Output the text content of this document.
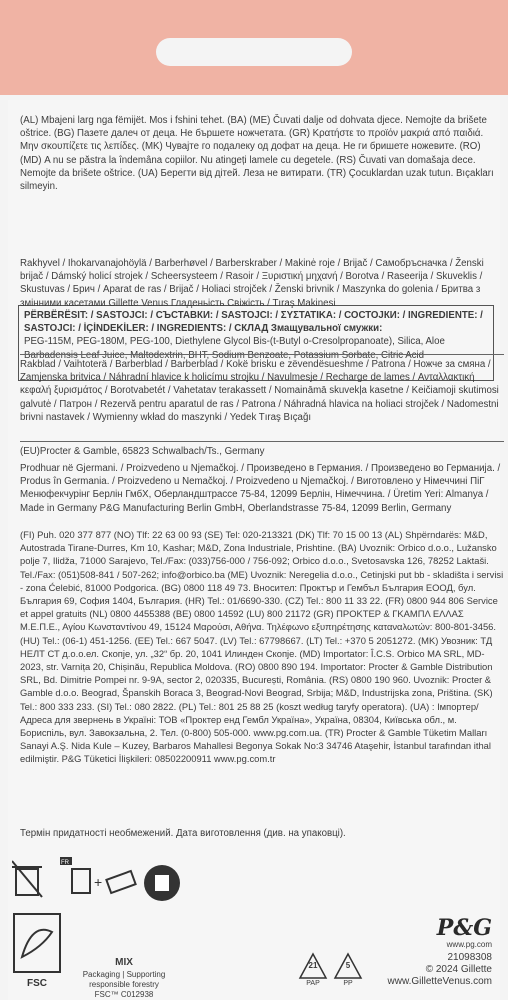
(AL) Mbajeni larg nga fëmijët. Mos i fshini tehet. (BA) (ME) Čuvati dalje od dohvata djece. Nemojte da brišete oštrice. (BG) Пазете далеч от деца. Не бършете ножчетата. (GR) Κρατήστε το προϊόν μακριά από παιδιά. Μην σκουπίζετε τις λεπίδες. (MK) Чувајте го подалеку од дофат на деца. Не ги бришете ножевите. (RO) (MD) A nu se păstra la îndemâna copiilor. Nu atingeți lamele cu degetele. (RS) Čuvati van domašaja dece. Nemojte da brišete oštrice. (UA) Берегти від дітей. Леза не витирати. (TR) Çocuklardan uzak tutun. Bıçakları silmeyin.

PËRBËRËSIT: / SASTOJCI: / СЪСТАВКИ: / SASTOJCI: / ΣΥΣΤΑΤΙΚΑ: / СОСТОЈКИ: / INGREDIENTE: / SASTOJCI: / İÇİNDEKİLER: / INGREDIENTS: / СКЛАД Змащувальної смужки:
PEG-115M, PEG-180M, PEG-100, Diethylene Glycol Bis-(t-Butyl o-Cresolpropanoate), Silica, Aloe Barbadensis Leaf Juice, Maltodextrin, BHT, Sodium Benzoate, Potassium Sorbate, Citric Acid

Rakhyvel / Ihokarvanajohöylä / Barberhøvel / Barberskraber / Makinė roje / Brijač / Самобръсначка / Ženski brijač / Dámský holicí strojek / Scheersysteem / Rasoir / Ξυριστική μηχανή / Borotva / Raseerija / Skuveklis / Skustuvas / Брич / Aparat de ras / Brijač / Holiaci strojček / Ženski brivnik / Maszynka do golenia / Бритва з змінними касетами Gillette Venus Гладеньість Свіжість / Tıraş Makinesi

Rakblad / Vaihtoterä / Barberblad / Barberblad / Kokë brisku e zëvendësueshme / Patrona / Ножче за смяна / Zamjenska britvica / Náhradní hlavice k holicímu strojku / Navulmesje / Recharge de lames / Ανταλλακτική κεφαλή ξυρισμάτος / Borotvabetét / Vahetatav terakassett / Nomaināmā skuvekļa kasetne / Keičiamoji skutimosi galvutė / Патрон / Rezervă pentru aparatul de ras / Patrona / Náhradná hlavica na holiaci strojček / Nadomestni brivni nastavek / Wymienny wkład do maszynki / Yedek Tıraş Bıçağı

(EU)Procter & Gamble, 65823 Schwalbach/Ts., Germany

Prodhuar në Gjermani. / Proizvedeno u Njemačkoj. / Произведено в Германия. / Произведено во Германија. / Produs în Germania. / Proizvedeno u Nemačkoj. / Proizvedeno u Njemačkoj. / Виготовлено у Німеччині ПіГ Менюфекчурінг Берлін ГмбХ, Оберландштрассе 75-84, 12099 Берлін, Німеччина. / Üretim Yeri: Almanya / Made in Germany P&G Manufacturing Berlin GmbH, Oberlandstrasse 75-84, 12099 Berlin, Germany

(FI) Puh. 020 377 877 (NO) Tlf: 22 63 00 93 (SE) Tel: 020-213321 (DK) Tlf: 70 15 00 13 (AL) Shpërndarës: M&D, Autostrada Tirane-Durres, Km 10, Kashar; M&D, Zona Industriale, Prishtine. (BA) Uvoznik: Orbico d.o.o., Lužansko polje 7, Ilidža, 71000 Sarajevo, Tel./Fax: (033)756-000 / 756-092; Orbico d.o.o., Svetosavska 126, 78252 Laktaši. Tel./Fax: (051)508-841 / 507-262; info@orbico.ba (ME) Uvoznik: Neregelia d.o.o., Cetinjski put bb - skladišta i servisi - zona Ćelebić, 81000 Podgorica. (BG) 0800 118 49 73. Вносител: Проктър и Гембъл България ЕООД, бул. България 69, София 1404, България. (HR) Tel.: 01/6690-330. (CZ) Tel.: 800 11 33 22. (FR) 0800 944 806 Service et appel gratuits (NL) 0800 4455388 (BE) 0800 14592 (LU) 800 21172 (GR) ΠΡΟΚΤΕΡ & ΓΚΑΜΠΛ ΕΛΛΑΣ Μ.Ε.Π.Ε., Αγίου Κωνσταντίνου 49, 15124 Μαρούσι, Αθήνα. Τηλέφωνο εξυπηρέτησης καταναλωτών: 800-801-3456. (HU) Tel.: (06-1) 451-1256. (EE) Tel.: 667 5047. (LV) Tel.: 67798667. (LT) Tel.: +370 5 2051272. (MK) Увозник: ТД НЕЛТ СТ д.о.о.ел. Скопје, ул. „32“ бр. 20, 1041 Илинден Скопје. (MD) Importator: Î.C.S. Orbico MA SRL, MD-2023, str. Varnița 20, Chișinău, Republica Moldova. (RO) 0800 890 194. Importator: Procter & Gamble Distribution SRL, Bd. Dimitrie Pompei nr. 9-9A, sector 2, 020335, București, România. (RS) 0800 190 960. Uvoznik: Procter & Gamble d.o.o. Beograd, Španskih Boraca 3, Beograd-Novi Beograd, Srbija; M&D, Industrijska zona, Priština. (SK) Tel.: 800 333 233. (SI) Tel.: 080 2822. (PL) Tel.: 801 25 88 25 (koszt według taryfy operatora). (UA) : Імпортер/Адреса для звернень в Україні: ТОВ «Проктер енд Гембл Україна», Україна, 08304, Київська обл., м. Бориспіль, вул. Завокзальна, 2. Тел. (0-800) 505-000. www.pg.com.ua. (TR) Procter & Gamble Tüketim Malları Sanayi A.Ş. Nida Kule – Kuzey, Barbaros Mahallesi Begonya Sokak No:3 34746 Ataşehir, İstanbul tarafından ithal edilmiştir. P&G Tüketici İlişkileri: 08502200911 www.pg.com.tr

Термін придатності необмежений. Дата виготовлення (див. на упаковці).

FR
+
FSC
MIX
Packaging | Supporting
responsible forestry
FSC™ C012938
21
PAP
5
PP
P&G
www.pg.com
21098308
© 2024 Gillette
www.GilletteVenus.com
